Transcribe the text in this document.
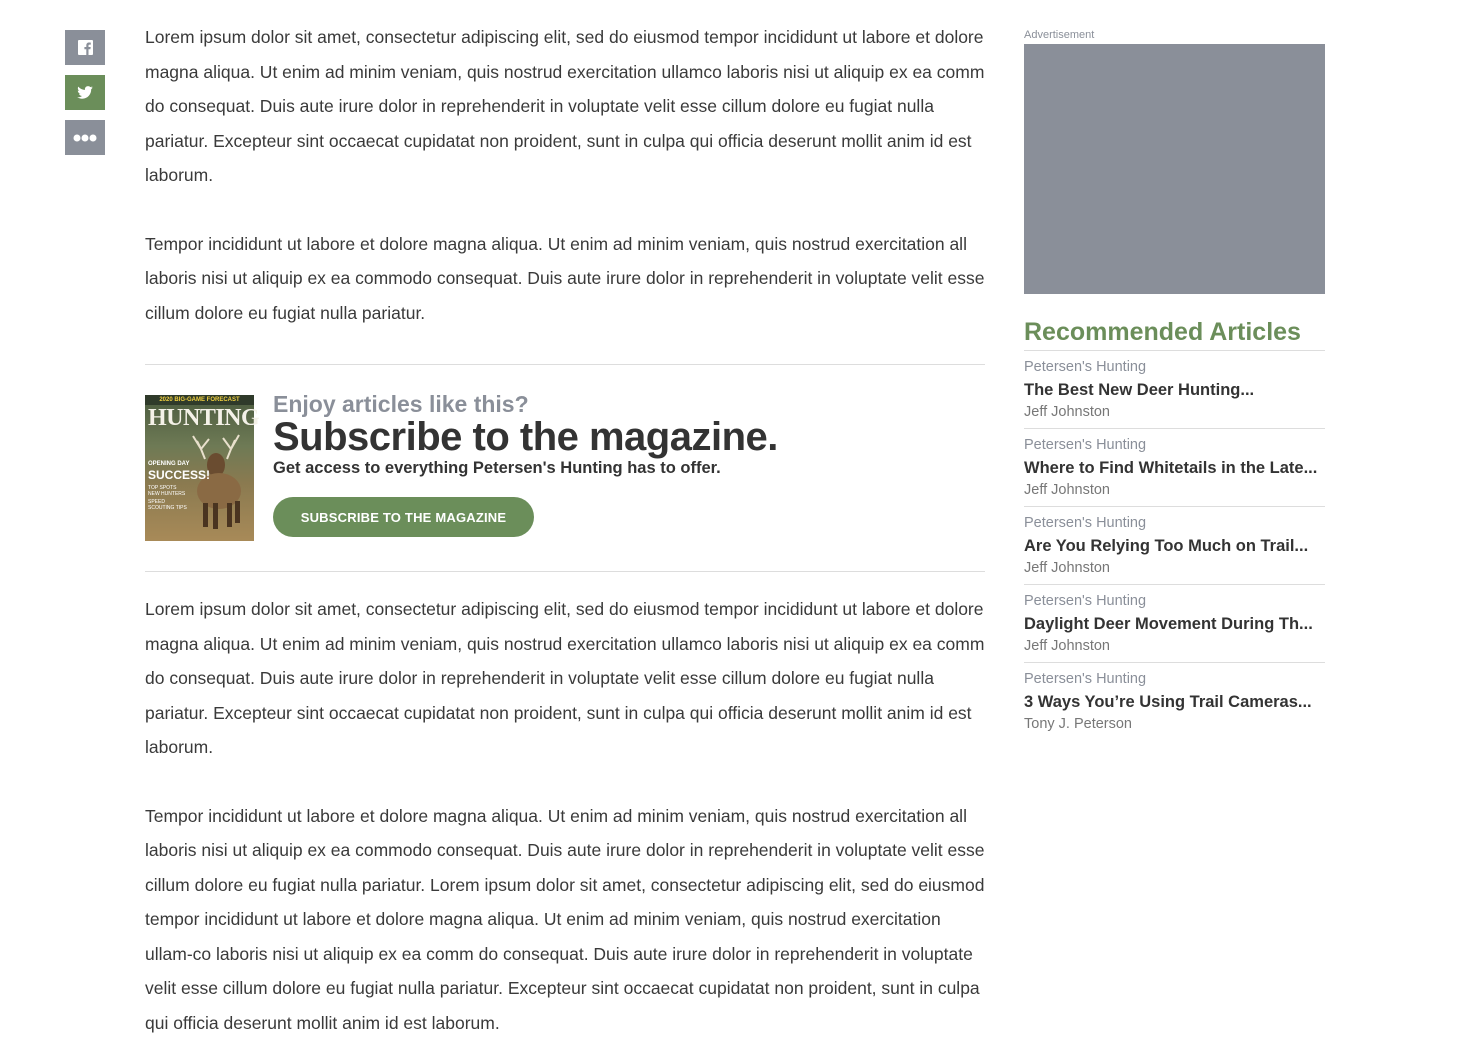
Lorem ipsum dolor sit amet, consectetur adipiscing elit, sed do eiusmod tempor incididunt ut labore et dolore magna aliqua. Ut enim ad minim veniam, quis nostrud exercitation ullamco laboris nisi ut aliquip ex ea comm do consequat. Duis aute irure dolor in reprehenderit in voluptate velit esse cillum dolore eu fugiat nulla pariatur. Excepteur sint occaecat cupidatat non proident, sunt in culpa qui officia deserunt mollit anim id est laborum.

Tempor incididunt ut labore et dolore magna aliqua. Ut enim ad minim veniam, quis nostrud exercitation all laboris nisi ut aliquip ex ea commodo consequat. Duis aute irure dolor in reprehenderit in voluptate velit esse cillum dolore eu fugiat nulla pariatur.

2020 BIG-GAME FORECAST
HUNTING
OPENING DAY
SUCCESS!
TOP SPOTS NEW HUNTERS
SPEED SCOUTING TIPS
Enjoy articles like this?
Subscribe to the magazine.
Get access to everything Petersen's Hunting has to offer.
SUBSCRIBE TO THE MAGAZINE

Lorem ipsum dolor sit amet, consectetur adipiscing elit, sed do eiusmod tempor incididunt ut labore et dolore magna aliqua. Ut enim ad minim veniam, quis nostrud exercitation ullamco laboris nisi ut aliquip ex ea comm do consequat. Duis aute irure dolor in reprehenderit in voluptate velit esse cillum dolore eu fugiat nulla pariatur. Excepteur sint occaecat cupidatat non proident, sunt in culpa qui officia deserunt mollit anim id est laborum.

Tempor incididunt ut labore et dolore magna aliqua. Ut enim ad minim veniam, quis nostrud exercitation all laboris nisi ut aliquip ex ea commodo consequat. Duis aute irure dolor in reprehenderit in voluptate velit esse cillum dolore eu fugiat nulla pariatur. Lorem ipsum dolor sit amet, consectetur adipiscing elit, sed do eiusmod tempor incididunt ut labore et dolore magna aliqua. Ut enim ad minim veniam, quis nostrud exercitation ullam-co laboris nisi ut aliquip ex ea comm do consequat. Duis aute irure dolor in reprehenderit in voluptate velit esse cillum dolore eu fugiat nulla pariatur. Excepteur sint occaecat cupidatat non proident, sunt in culpa qui officia deserunt mollit anim id est laborum.

Advertisement
Recommended Articles
Petersen's Hunting
The Best New Deer Hunting...
Jeff Johnston
Petersen's Hunting
Where to Find Whitetails in the Late...
Jeff Johnston
Petersen's Hunting
Are You Relying Too Much on Trail...
Jeff Johnston
Petersen's Hunting
Daylight Deer Movement During Th...
Jeff Johnston
Petersen's Hunting
3 Ways You’re Using Trail Cameras...
Tony J. Peterson
